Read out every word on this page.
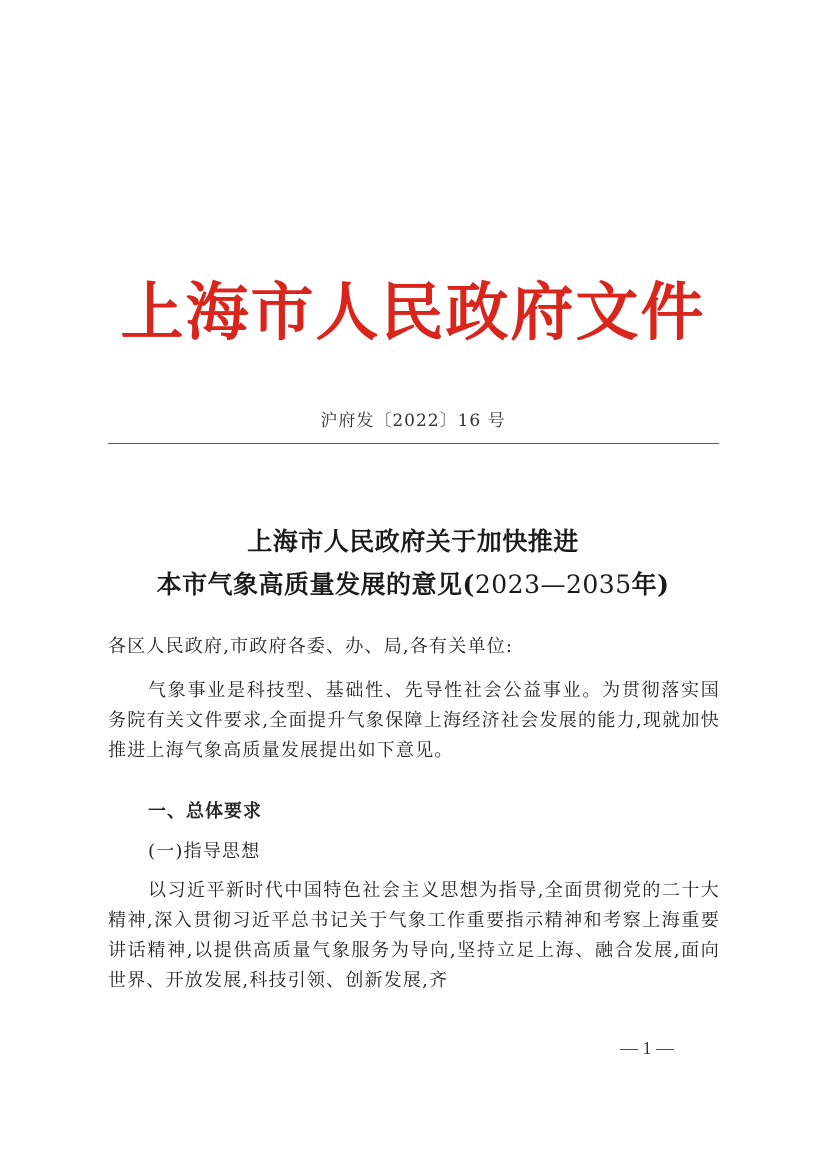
上海市人民政府文件
沪府发〔2022〕16 号
上海市人民政府关于加快推进
本市气象高质量发展的意见(2023—2035年)
各区人民政府,市政府各委、办、局,各有关单位:
气象事业是科技型、基础性、先导性社会公益事业。为贯彻落实国务院有关文件要求,全面提升气象保障上海经济社会发展的能力,现就加快推进上海气象高质量发展提出如下意见。
一、总体要求
(一)指导思想
以习近平新时代中国特色社会主义思想为指导,全面贯彻党的二十大精神,深入贯彻习近平总书记关于气象工作重要指示精神和考察上海重要讲话精神,以提供高质量气象服务为导向,坚持立足上海、融合发展,面向世界、开放发展,科技引领、创新发展,齐
— 1 —
